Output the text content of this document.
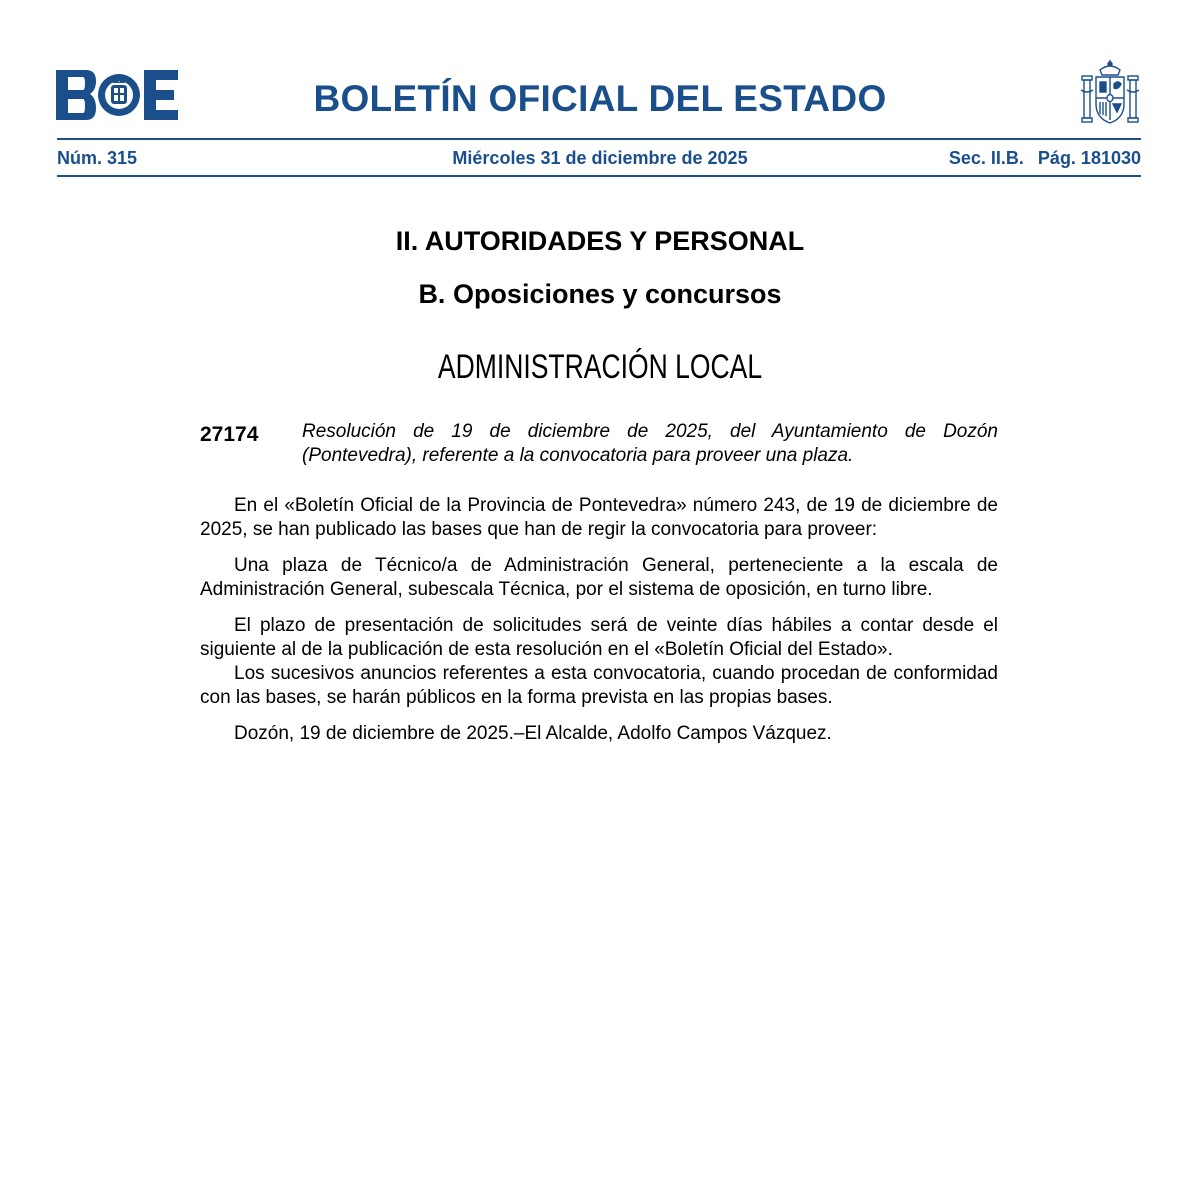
BOLETÍN OFICIAL DEL ESTADO
Núm. 315	Miércoles 31 de diciembre de 2025	Sec. II.B. Pág. 181030
II. AUTORIDADES Y PERSONAL
B. Oposiciones y concursos
ADMINISTRACIÓN LOCAL
27174 Resolución de 19 de diciembre de 2025, del Ayuntamiento de Dozón (Pontevedra), referente a la convocatoria para proveer una plaza.

En el «Boletín Oficial de la Provincia de Pontevedra» número 243, de 19 de diciembre de 2025, se han publicado las bases que han de regir la convocatoria para proveer:

Una plaza de Técnico/a de Administración General, perteneciente a la escala de Administración General, subescala Técnica, por el sistema de oposición, en turno libre.

El plazo de presentación de solicitudes será de veinte días hábiles a contar desde el siguiente al de la publicación de esta resolución en el «Boletín Oficial del Estado».

Los sucesivos anuncios referentes a esta convocatoria, cuando procedan de conformidad con las bases, se harán públicos en la forma prevista en las propias bases.

Dozón, 19 de diciembre de 2025.–El Alcalde, Adolfo Campos Vázquez.
